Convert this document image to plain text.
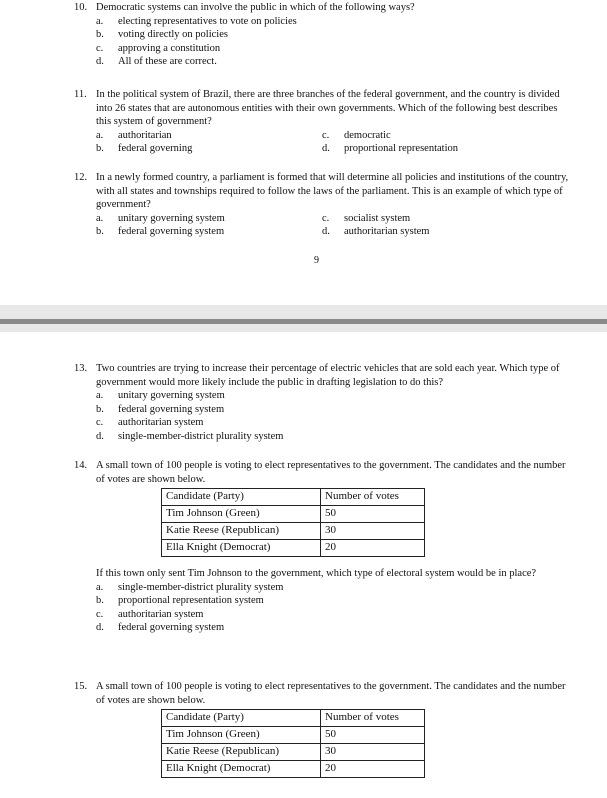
10. Democratic systems can involve the public in which of the following ways?
a.	electing representatives to vote on policies
b.	voting directly on policies
c.	approving a constitution
d.	All of these are correct.
11. In the political system of Brazil, there are three branches of the federal government, and the country is divided into 26 states that are autonomous entities with their own governments. Which of the following best describes this system of government?
a.	authoritarian	c.	democratic
b.	federal governing	d.	proportional representation
12. In a newly formed country, a parliament is formed that will determine all policies and institutions of the country, with all states and townships required to follow the laws of the parliament. This is an example of which type of government?
a.	unitary governing system	c.	socialist system
b.	federal governing system	d.	authoritarian system
9
13. Two countries are trying to increase their percentage of electric vehicles that are sold each year. Which type of government would more likely include the public in drafting legislation to do this?
a.	unitary governing system
b.	federal governing system
c.	authoritarian system
d.	single-member-district plurality system
14. A small town of 100 people is voting to elect representatives to the government. The candidates and the number of votes are shown below.
Candidate (Party)	Number of votes
Tim Johnson (Green)	50
Katie Reese (Republican)	30
Ella Knight (Democrat)	20
If this town only sent Tim Johnson to the government, which type of electoral system would be in place?
a.	single-member-district plurality system
b.	proportional representation system
c.	authoritarian system
d.	federal governing system
15. A small town of 100 people is voting to elect representatives to the government. The candidates and the number of votes are shown below.
Candidate (Party)	Number of votes
Tim Johnson (Green)	50
Katie Reese (Republican)	30
Ella Knight (Democrat)	20
